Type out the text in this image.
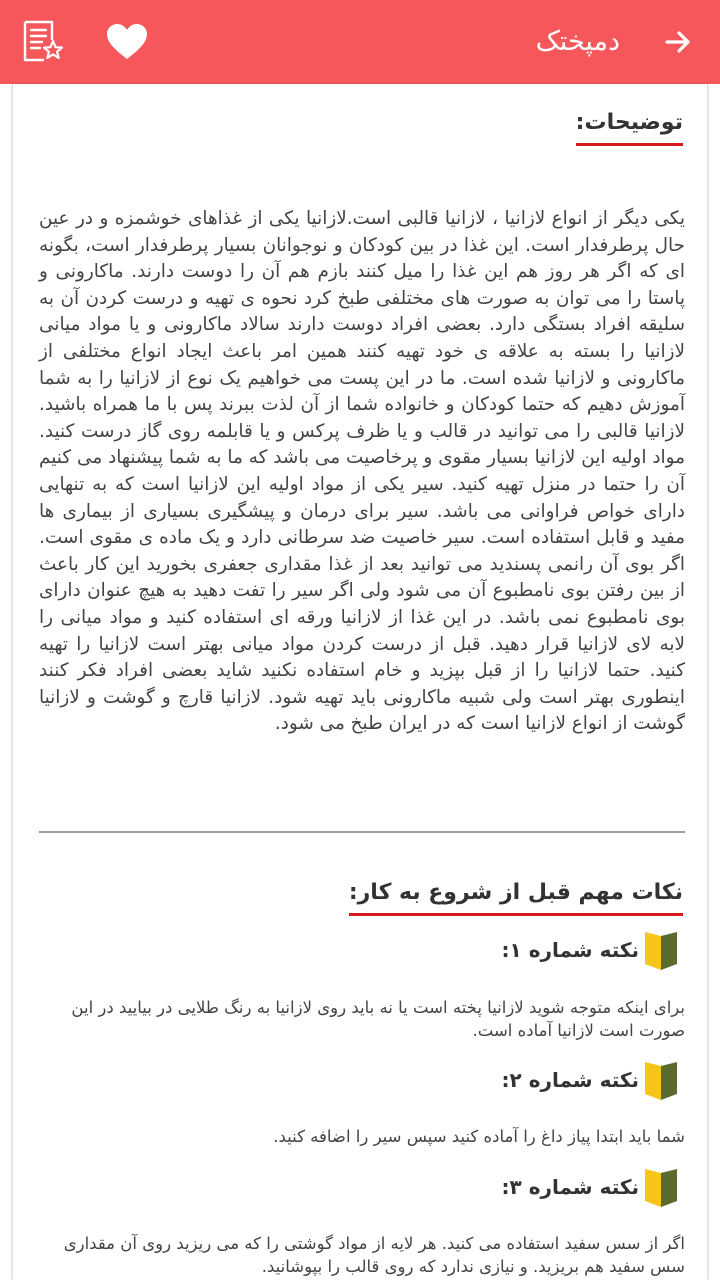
دمپختک
توضیحات:
یکی دیگر از انواع لازانیا ، لازانیا قالبی است.لازانیا یکی از غذاهای خوشمزه و در عین حال پرطرفدار است. این غذا در بین کودکان و نوجوانان بسیار پرطرفدار است، بگونه ای که اگر هر روز هم این غذا را میل کنند بازم هم آن را دوست دارند. ماکارونی و پاستا را می توان به صورت های مختلفی طبخ کرد نحوه ی تهیه و درست کردن آن به سلیقه افراد بستگی دارد. بعضی افراد دوست دارند سالاد ماکارونی و یا مواد میانی لازانیا را بسته به علاقه ی خود تهیه کنند همین امر باعث ایجاد انواع مختلفی از ماکارونی و لازانیا شده است. ما در این پست می خواهیم یک نوع از لازانیا را به شما آموزش دهیم که حتما کودکان و خانواده شما از آن لذت ببرند پس با ما همراه باشید. لازانیا قالبی را می توانید در قالب و یا ظرف پرکس و یا قابلمه روی گاز درست کنید. مواد اولیه این لازانیا بسیار مقوی و پرخاصیت می باشد که ما به شما پیشنهاد می کنیم آن را حتما در منزل تهیه کنید. سیر یکی از مواد اولیه این لازانیا است که به تنهایی دارای خواص فراوانی می باشد. سیر برای درمان و پیشگیری بسیاری از بیماری ها مفید و قابل استفاده است. سیر خاصیت ضد سرطانی دارد و یک ماده ی مقوی است. اگر بوی آن رانمی پسندید می توانید بعد از غذا مقداری جعفری بخورید این کار باعث از بین رفتن بوی نامطبوع آن می شود ولی اگر سیر را تفت دهید به هیچ عنوان دارای بوی نامطبوع نمی باشد. در این غذا از لازانیا ورقه ای استفاده کنید و مواد میانی را لابه لای لازانیا قرار دهید. قبل از درست کردن مواد میانی بهتر است لازانیا را تهیه کنید. حتما لازانیا را از قبل بپزید و خام استفاده نکنید شاید بعضی افراد فکر کنند اینطوری بهتر است ولی شبیه ماکارونی باید تهیه شود. لازانیا قارچ و گوشت و لازانیا گوشت از انواع لازانیا است که در ایران طبخ می شود.
نکات مهم قبل از شروع به کار:
نکته شماره ۱:
برای اینکه متوجه شوید لازانیا پخته است یا نه باید روی لازانیا به رنگ طلایی در بیایید در این صورت است لازانیا آماده است.
نکته شماره ۲:
شما باید ابتدا پیاز داغ را آماده کنید سپس سیر را اضافه کنید.
نکته شماره ۳:
اگر از سس سفید استفاده می کنید. هر لایه از مواد گوشتی را که می ریزید روی آن مقداری سس سفید هم بریزید. و نیازی ندارد که روی قالب را بپوشانید.
